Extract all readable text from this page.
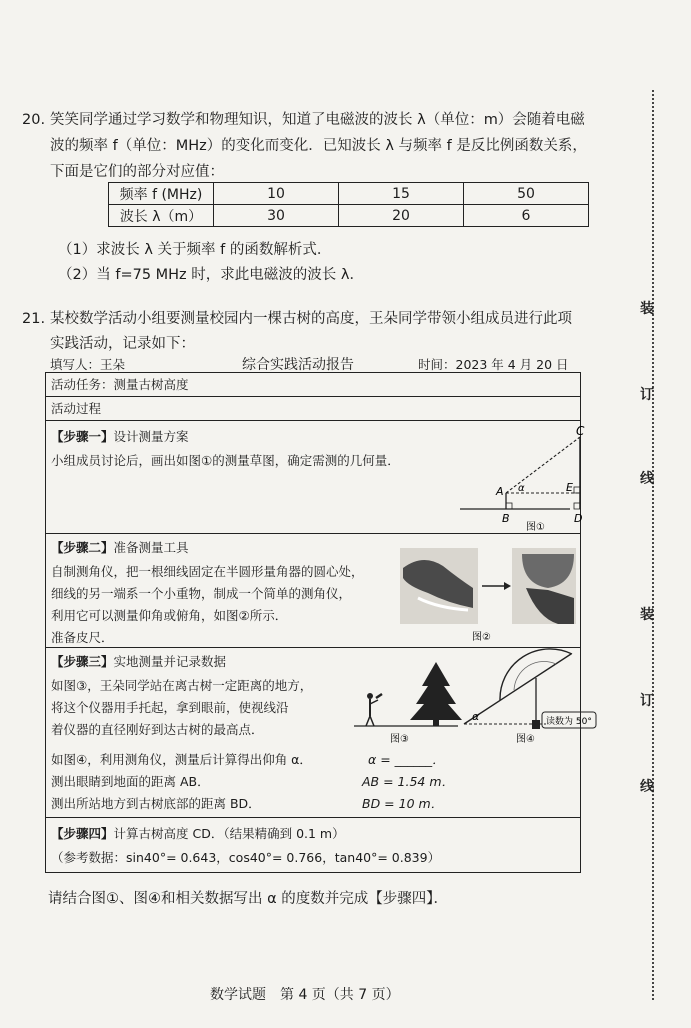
20. 笑笑同学通过学习数学和物理知识，知道了电磁波的波长 λ（单位：m）会随着电磁
波的频率 f（单位：MHz）的变化而变化．已知波长 λ 与频率 f 是反比例函数关系，
下面是它们的部分对应值：
频率 f (MHz)	10	15	50
波长 λ（m）	30	20	6
（1）求波长 λ 关于频率 f 的函数解析式．
（2）当 f=75 MHz 时，求此电磁波的波长 λ．
21. 某校数学活动小组要测量校园内一棵古树的高度，王朵同学带领小组成员进行此项
实践活动，记录如下：
填写人：王朵	综合实践活动报告	时间：2023 年 4 月 20 日
活动任务：测量古树高度
活动过程
【步骤一】设计测量方案
小组成员讨论后，画出如图①的测量草图，确定需测的几何量．
C
E
A α
B	D
图①
【步骤二】准备测量工具
自制测角仪，把一根细线固定在半圆形量角器的圆心处，
细线的另一端系一个小重物，制成一个简单的测角仪，
利用它可以测量仰角或俯角，如图②所示．
准备皮尺．	图②
【步骤三】实地测量并记录数据
如图③，王朵同学站在离古树一定距离的地方，
将这个仪器用手托起，拿到眼前，使视线沿
着仪器的直径刚好到达古树的最高点．
如图④，利用测角仪，测量后计算得出仰角 α．
测出眼睛到地面的距离 AB．
测出所站地方到古树底部的距离 BD．
α = ______．
AB = 1.54 m．
BD = 10 m．
图③
α	读数为 50°
图④
【步骤四】计算古树高度 CD．（结果精确到 0.1 m）
（参考数据：sin40°= 0.643，cos40°= 0.766，tan40°= 0.839）
请结合图①、图④和相关数据写出 α 的度数并完成【步骤四】．
数学试题　第 4 页（共 7 页）
装
订
线
装
订
线
